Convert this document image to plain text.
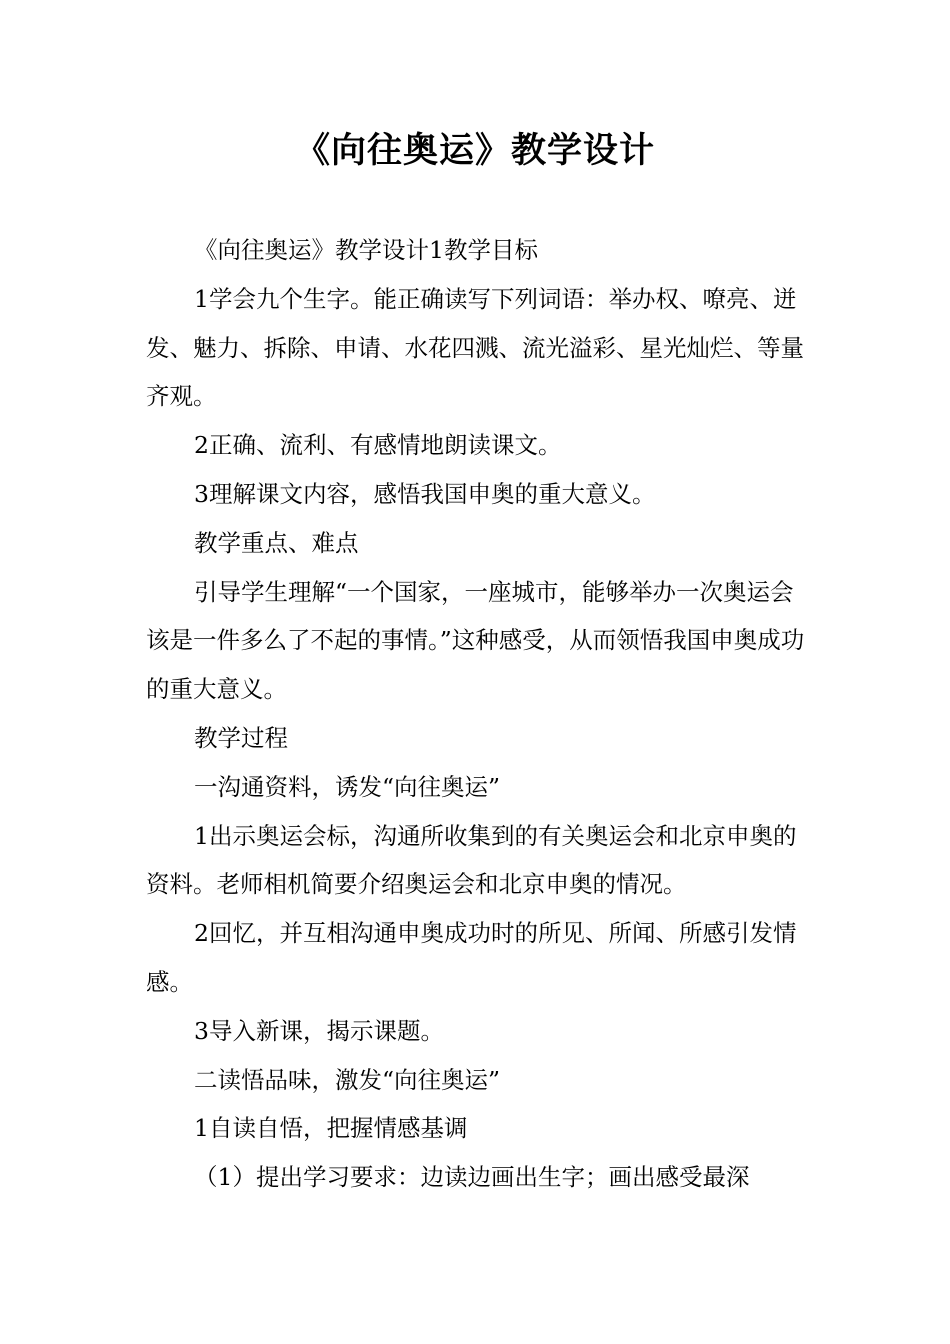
《向往奥运》教学设计

《向往奥运》教学设计1教学目标

1学会九个生字。能正确读写下列词语：举办权、嘹亮、迸发、魅力、拆除、申请、水花四溅、流光溢彩、星光灿烂、等量齐观。

2正确、流利、有感情地朗读课文。

3理解课文内容，感悟我国申奥的重大意义。

教学重点、难点

引导学生理解“一个国家，一座城市，能够举办一次奥运会该是一件多么了不起的事情。”这种感受，从而领悟我国申奥成功的重大意义。

教学过程

一沟通资料，诱发“向往奥运”

1出示奥运会标，沟通所收集到的有关奥运会和北京申奥的资料。老师相机简要介绍奥运会和北京申奥的情况。

2回忆，并互相沟通申奥成功时的所见、所闻、所感引发情感。

3导入新课，揭示课题。

二读悟品味，激发“向往奥运”

1自读自悟，把握情感基调

（1）提出学习要求：边读边画出生字；画出感受最深
